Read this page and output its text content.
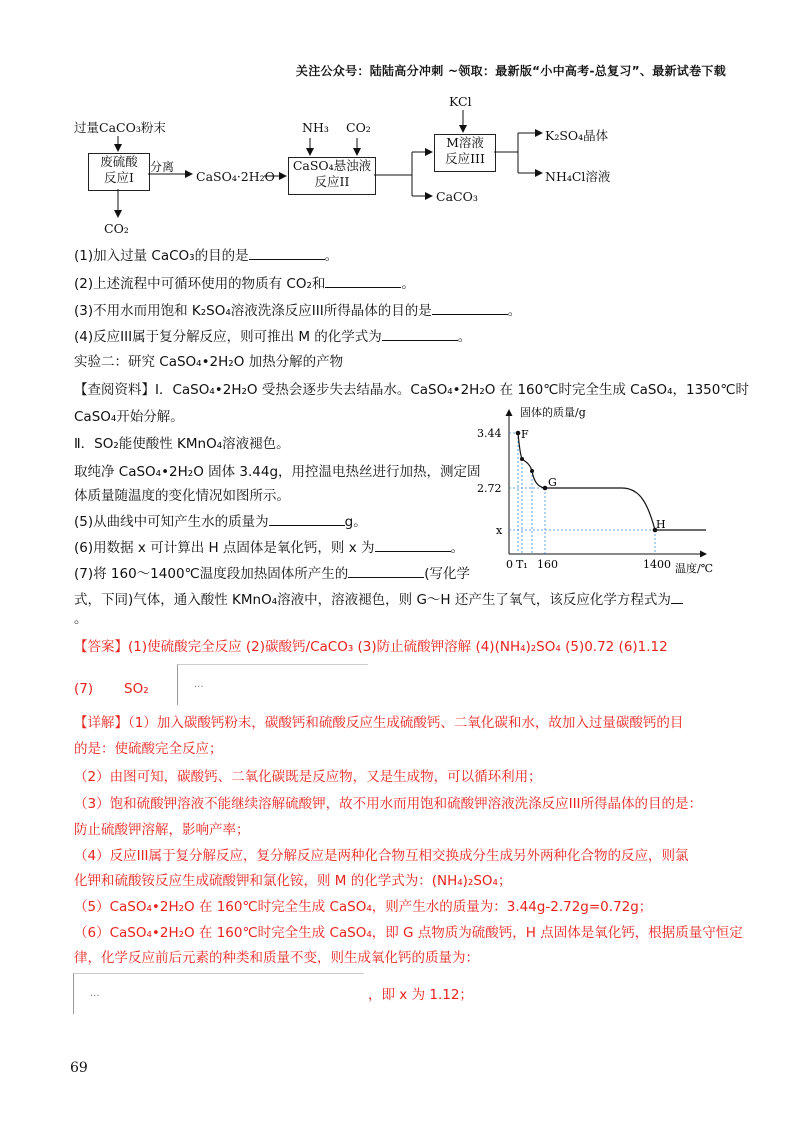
关注公众号：陆陆高分冲刺 ~领取：最新版“小中高考-总复习”、最新试卷下载
过量CaCO₃粉末
废硫酸
反应I
分离
CaSO₄·2H₂O
NH₃ CO₂
CaSO₄悬浊液
反应II
KCl
M溶液
反应III
K₂SO₄晶体
NH₄Cl溶液
CaCO₃
CO₂
(1)加入过量 CaCO₃的目的是	。
(2)上述流程中可循环使用的物质有 CO₂和	。
(3)不用水而用饱和 K₂SO₄溶液洗涤反应III所得晶体的目的是	。
(4)反应III属于复分解反应，则可推出 M 的化学式为	。
实验二：研究 CaSO₄•2H₂O 加热分解的产物
【查阅资料】Ⅰ．CaSO₄•2H₂O 受热会逐步失去结晶水。CaSO₄•2H₂O 在 160℃时完全生成 CaSO₄，1350℃时
CaSO₄开始分解。
Ⅱ．SO₂能使酸性 KMnO₄溶液褪色。
取纯净 CaSO₄•2H₂O 固体 3.44g，用控温电热丝进行加热，测定固
体质量随温度的变化情况如图所示。
(5)从曲线中可知产生水的质量为	g。
(6)用数据 x 可计算出 H 点固体是氧化钙，则 x 为	。
(7)将 160～1400℃温度段加热固体所产生的	(写化学
式，下同)气体，通入酸性 KMnO₄溶液中，溶液褪色，则 G～H 还产生了氧气，该反应化学方程式为
。
固体的质量/g
3.44
2.72
x
0 T₁ 160	1400 温度/℃
F
G
H
【答案】(1)使硫酸完全反应 (2)碳酸钙/CaCO₃ (3)防止硫酸钾溶解 (4)(NH₄)₂SO₄ (5)0.72 (6)1.12
(7) SO₂	...
【详解】（1）加入碳酸钙粉末，碳酸钙和硫酸反应生成硫酸钙、二氧化碳和水，故加入过量碳酸钙的目
的是：使硫酸完全反应；
（2）由图可知，碳酸钙、二氧化碳既是反应物，又是生成物，可以循环利用；
（3）饱和硫酸钾溶液不能继续溶解硫酸钾，故不用水而用饱和硫酸钾溶液洗涤反应III所得晶体的目的是：
防止硫酸钾溶解，影响产率；
（4）反应III属于复分解反应，复分解反应是两种化合物互相交换成分生成另外两种化合物的反应，则氯
化钾和硫酸铵反应生成硫酸钾和氯化铵，则 M 的化学式为：(NH₄)₂SO₄；
（5）CaSO₄•2H₂O 在 160℃时完全生成 CaSO₄，则产生水的质量为：3.44g-2.72g=0.72g；
（6）CaSO₄•2H₂O 在 160℃时完全生成 CaSO₄，即 G 点物质为硫酸钙，H 点固体是氧化钙，根据质量守恒定
律，化学反应前后元素的种类和质量不变，则生成氧化钙的质量为：
...	，即 x 为 1.12；
69
